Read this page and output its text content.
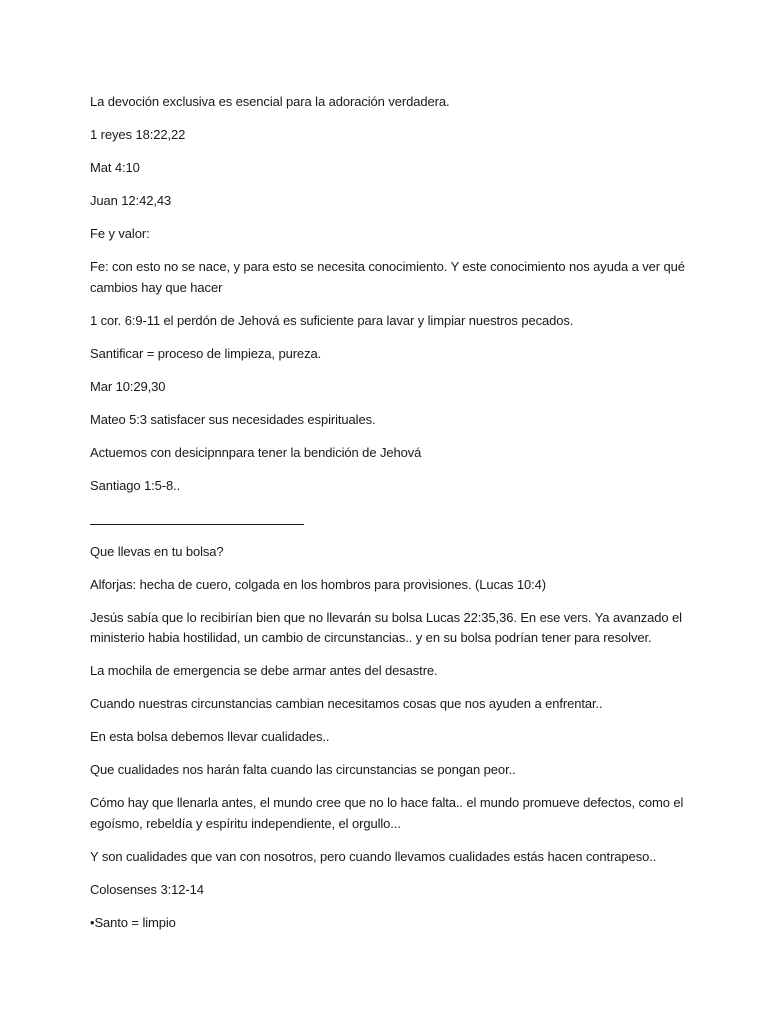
La devoción exclusiva es esencial para la adoración verdadera.

1 reyes 18:22,22

Mat 4:10

Juan 12:42,43

Fe y valor:

Fe: con esto no se nace, y para esto se necesita conocimiento. Y este conocimiento nos ayuda a ver qué cambios hay que hacer

1 cor. 6:9-11 el perdón de Jehová es suficiente para lavar y limpiar nuestros pecados.

Santificar = proceso de limpieza, pureza.

Mar 10:29,30

Mateo 5:3 satisfacer sus necesidades espirituales.

Actuemos con desicipnnpara tener la bendición de Jehová

Santiago 1:5-8..

Que llevas en tu bolsa?

Alforjas: hecha de cuero, colgada en los hombros para provisiones. (Lucas 10:4)

Jesús sabía que lo recibirían bien que no llevarán su bolsa Lucas 22:35,36. En ese vers. Ya avanzado el ministerio habia hostilidad, un cambio de circunstancias.. y en su bolsa podrían tener para resolver.

La mochila de emergencia se debe armar antes del desastre.

Cuando nuestras circunstancias cambian necesitamos cosas que nos ayuden a enfrentar..

En esta bolsa debemos llevar cualidades..

Que cualidades nos harán falta cuando las circunstancias se pongan peor..

Cómo hay que llenarla antes, el mundo cree que no lo hace falta.. el mundo promueve defectos, como el egoísmo, rebeldía y espíritu independiente, el orgullo...

Y son cualidades que van con nosotros, pero cuando llevamos cualidades estás hacen contrapeso..

Colosenses 3:12-14

•Santo = limpio
